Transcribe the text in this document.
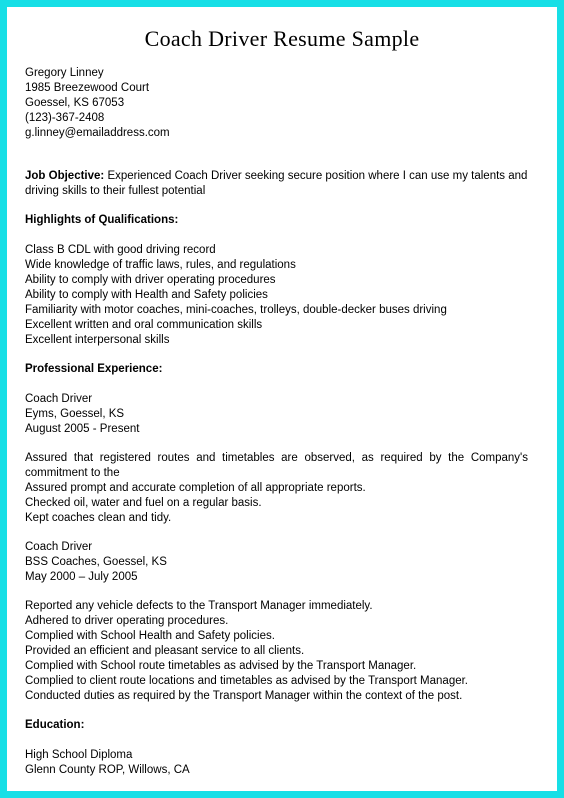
Coach Driver Resume Sample
Gregory Linney
1985 Breezewood Court
Goessel, KS 67053
(123)-367-2408
g.linney@emailaddress.com
Job Objective: Experienced Coach Driver seeking secure position where I can use my talents and
driving skills to their fullest potential
Highlights of Qualifications:
Class B CDL with good driving record
Wide knowledge of traffic laws, rules, and regulations
Ability to comply with driver operating procedures
Ability to comply with Health and Safety policies
Familiarity with motor coaches, mini-coaches, trolleys, double-decker buses driving
Excellent written and oral communication skills
Excellent interpersonal skills
Professional Experience:
Coach Driver
Eyms, Goessel, KS
August 2005 - Present
Assured that registered routes and timetables are observed, as required by the Company's
commitment to the
Assured prompt and accurate completion of all appropriate reports.
Checked oil, water and fuel on a regular basis.
Kept coaches clean and tidy.
Coach Driver
BSS Coaches, Goessel, KS
May 2000 – July 2005
Reported any vehicle defects to the Transport Manager immediately.
Adhered to driver operating procedures.
Complied with School Health and Safety policies.
Provided an efficient and pleasant service to all clients.
Complied with School route timetables as advised by the Transport Manager.
Complied to client route locations and timetables as advised by the Transport Manager.
Conducted duties as required by the Transport Manager within the context of the post.
Education:
High School Diploma
Glenn County ROP, Willows, CA
